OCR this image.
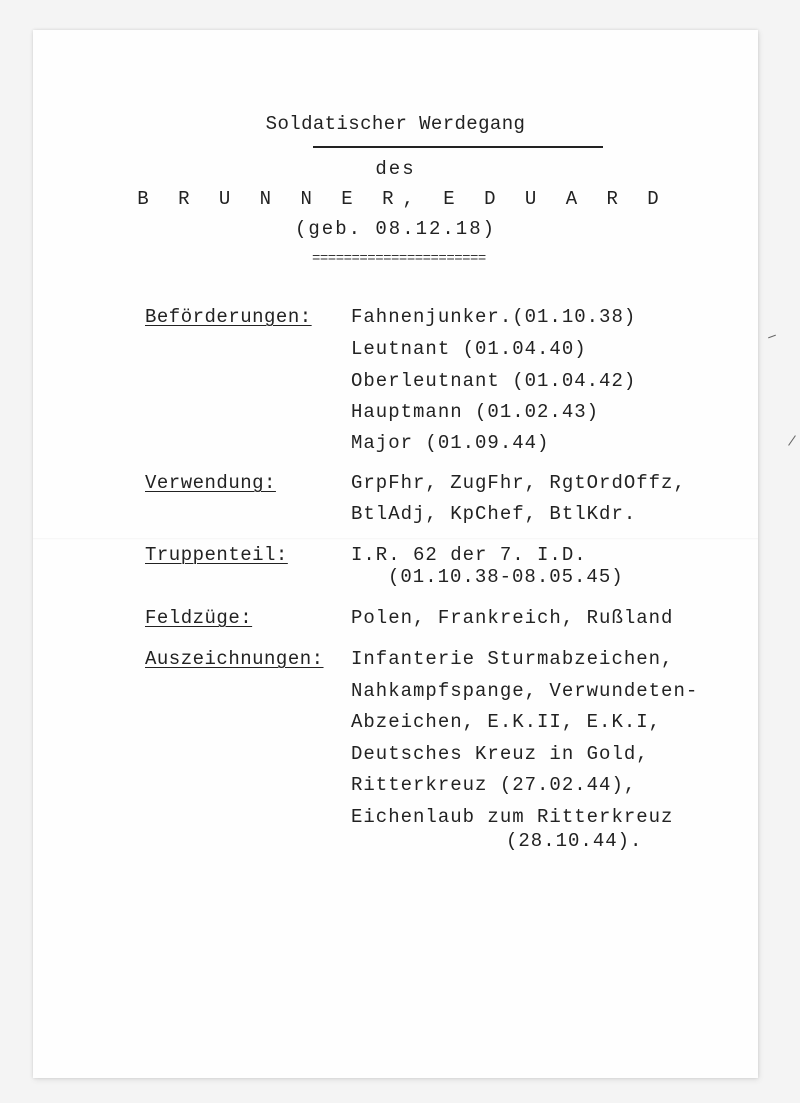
Soldatischer Werdegang
des
B R U N N E R, E D U A R D
(geb. 08.12.18)
======================
Beförderungen: Fahnenjunker.(01.10.38)
Leutnant (01.04.40)
Oberleutnant (01.04.42)
Hauptmann (01.02.43)
Major (01.09.44)
Verwendung:	GrpFhr, ZugFhr, RgtOrdOffz,
BtlAdj, KpChef, BtlKdr.
Truppenteil:	I.R. 62 der 7. I.D.
(01.10.38-08.05.45)
Feldzüge:	Polen, Frankreich, Rußland
Auszeichnungen: Infanterie Sturmabzeichen,
Nahkampfspange, Verwundeten-
Abzeichen, E.K.II, E.K.I,
Deutsches Kreuz in Gold,
Ritterkreuz (27.02.44),
Eichenlaub zum Ritterkreuz
(28.10.44).
